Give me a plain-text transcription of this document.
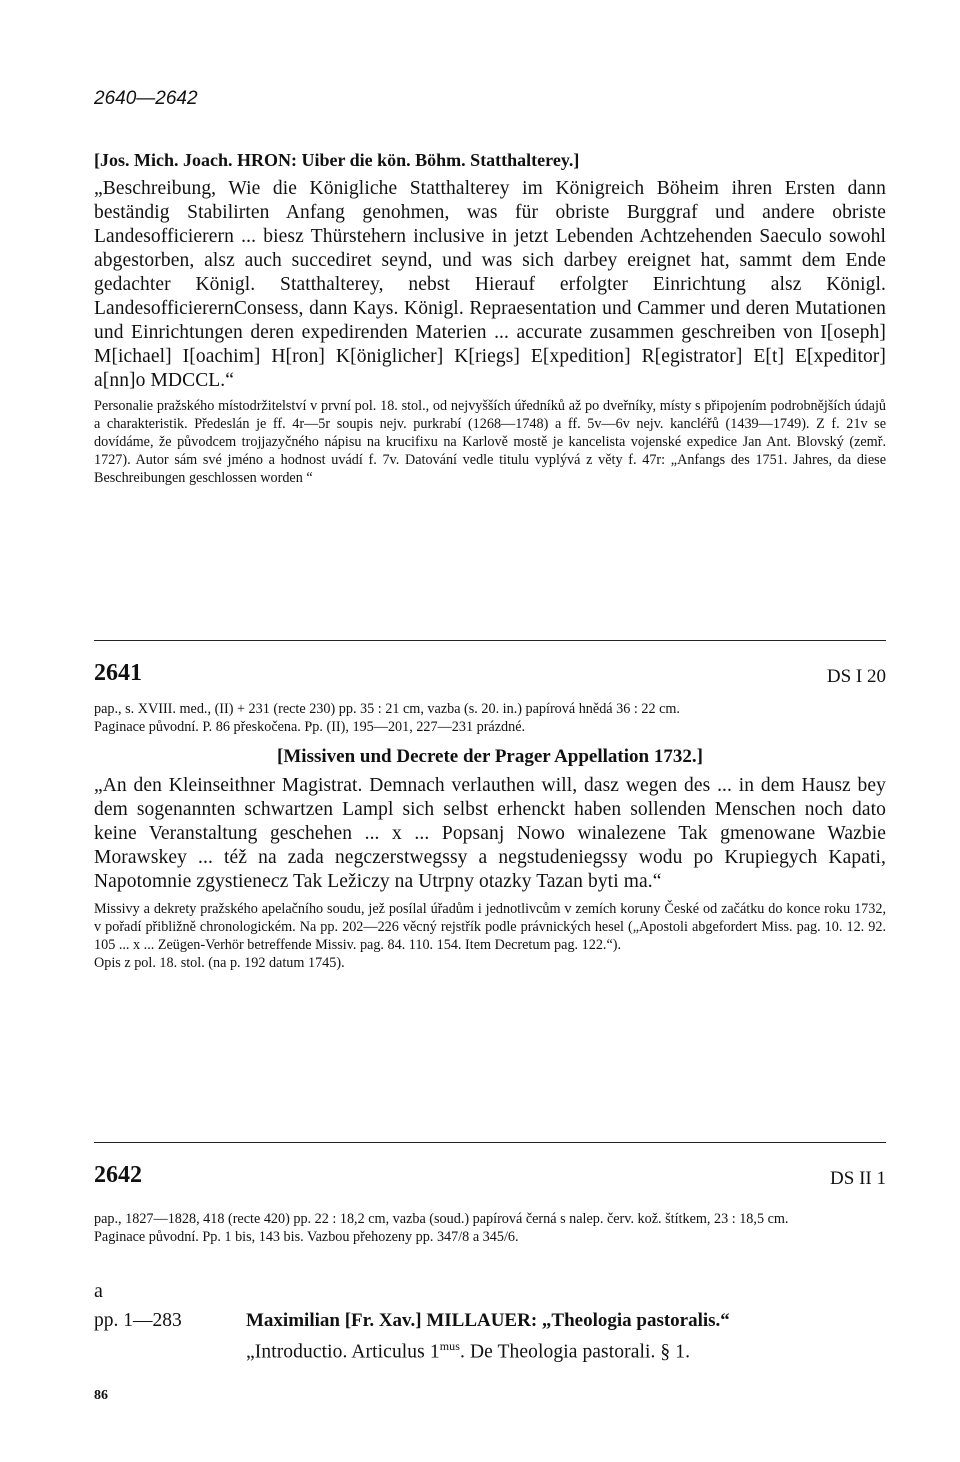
2640—2642

[Jos. Mich. Joach. HRON: Uiber die kön. Böhm. Statthalterey.]

„Beschreibung, Wie die Königliche Statthalterey im Königreich Böheim ihren Ersten dann beständig Stabilirten Anfang genohmen, was für obriste Burggraf und andere obriste Landesofficierern ... biesz Thürstehern inclusive in jetzt Lebenden Achtzehenden Saeculo sowohl abgestorben, alsz auch succediret seynd, und was sich darbey ereignet hat, sammt dem Ende gedachter Königl. Statthalterey, nebst Hierauf erfolgter Einrichtung alsz Königl. LandesofficierernConsess, dann Kays. Königl. Repraesentation und Cammer und deren Mutationen und Einrichtungen deren expedirenden Materien ... accurate zusammen geschreiben von I[oseph] M[ichael] I[oachim] H[ron] K[öniglicher] K[riegs] E[xpedition] R[egistrator] E[t] E[xpeditor] a[nn]o MDCCL.“

Personalie pražského místodržitelství v první pol. 18. stol., od nejvyšších úředníků až po dveřníky, místy s připojením podrobnějších údajů a charakteristik. Předeslán je ff. 4r—5r soupis nejv. purkrabí (1268—1748) a ff. 5v—6v nejv. kancléřů (1439—1749). Z f. 21v se dovídáme, že původcem trojjazyčného nápisu na krucifixu na Karlově mostě je kancelista vojenské expedice Jan Ant. Blovský (zemř. 1727). Autor sám své jméno a hodnost uvádí f. 7v. Datování vedle titulu vyplývá z věty f. 47r: „Anfangs des 1751. Jahres, da diese Beschreibungen geschlossen worden “

2641	DS I 20

pap., s. XVIII. med., (II) + 231 (recte 230) pp. 35 : 21 cm, vazba (s. 20. in.) papírová hnědá 36 : 22 cm.

Paginace původní. P. 86 přeskočena. Pp. (II), 195—201, 227—231 prázdné.

[Missiven und Decrete der Prager Appellation 1732.]

„An den Kleinseithner Magistrat. Demnach verlauthen will, dasz wegen des ... in dem Hausz bey dem sogenannten schwartzen Lampl sich selbst erhenckt haben sollenden Menschen noch dato keine Veranstaltung geschehen ... x ... Popsanj Nowo winalezene Tak gmenowane Wazbie Morawskey ... též na zada negczerstwegssy a negstudeniegssy wodu po Krupiegych Kapati, Napotomnie zgystienecz Tak Ležiczy na Utrpny otazky Tazan byti ma.“

Missivy a dekrety pražského apelačního soudu, jež posílal úřadům i jednotlivcům v zemích koruny České od začátku do konce roku 1732, v pořadí přibližně chronologickém. Na pp. 202—226 věcný rejstřík podle právnických hesel („Apostoli abgefordert Miss. pag. 10. 12. 92. 105 ... x ... Zeügen-Verhör betreffende Missiv. pag. 84. 110. 154. Item Decretum pag. 122.“).

Opis z pol. 18. stol. (na p. 192 datum 1745).

2642	DS II 1

pap., 1827—1828, 418 (recte 420) pp. 22 : 18,2 cm, vazba (soud.) papírová černá s nalep. červ. kož. štítkem, 23 : 18,5 cm.

Paginace původní. Pp. 1 bis, 143 bis. Vazbou přehozeny pp. 347/8 a 345/6.

a
pp. 1—283	Maximilian [Fr. Xav.] MILLAUER: „Theologia pastoralis.“

„Introductio. Articulus $1^{mus}$. De Theologia pastorali. § 1.

86
